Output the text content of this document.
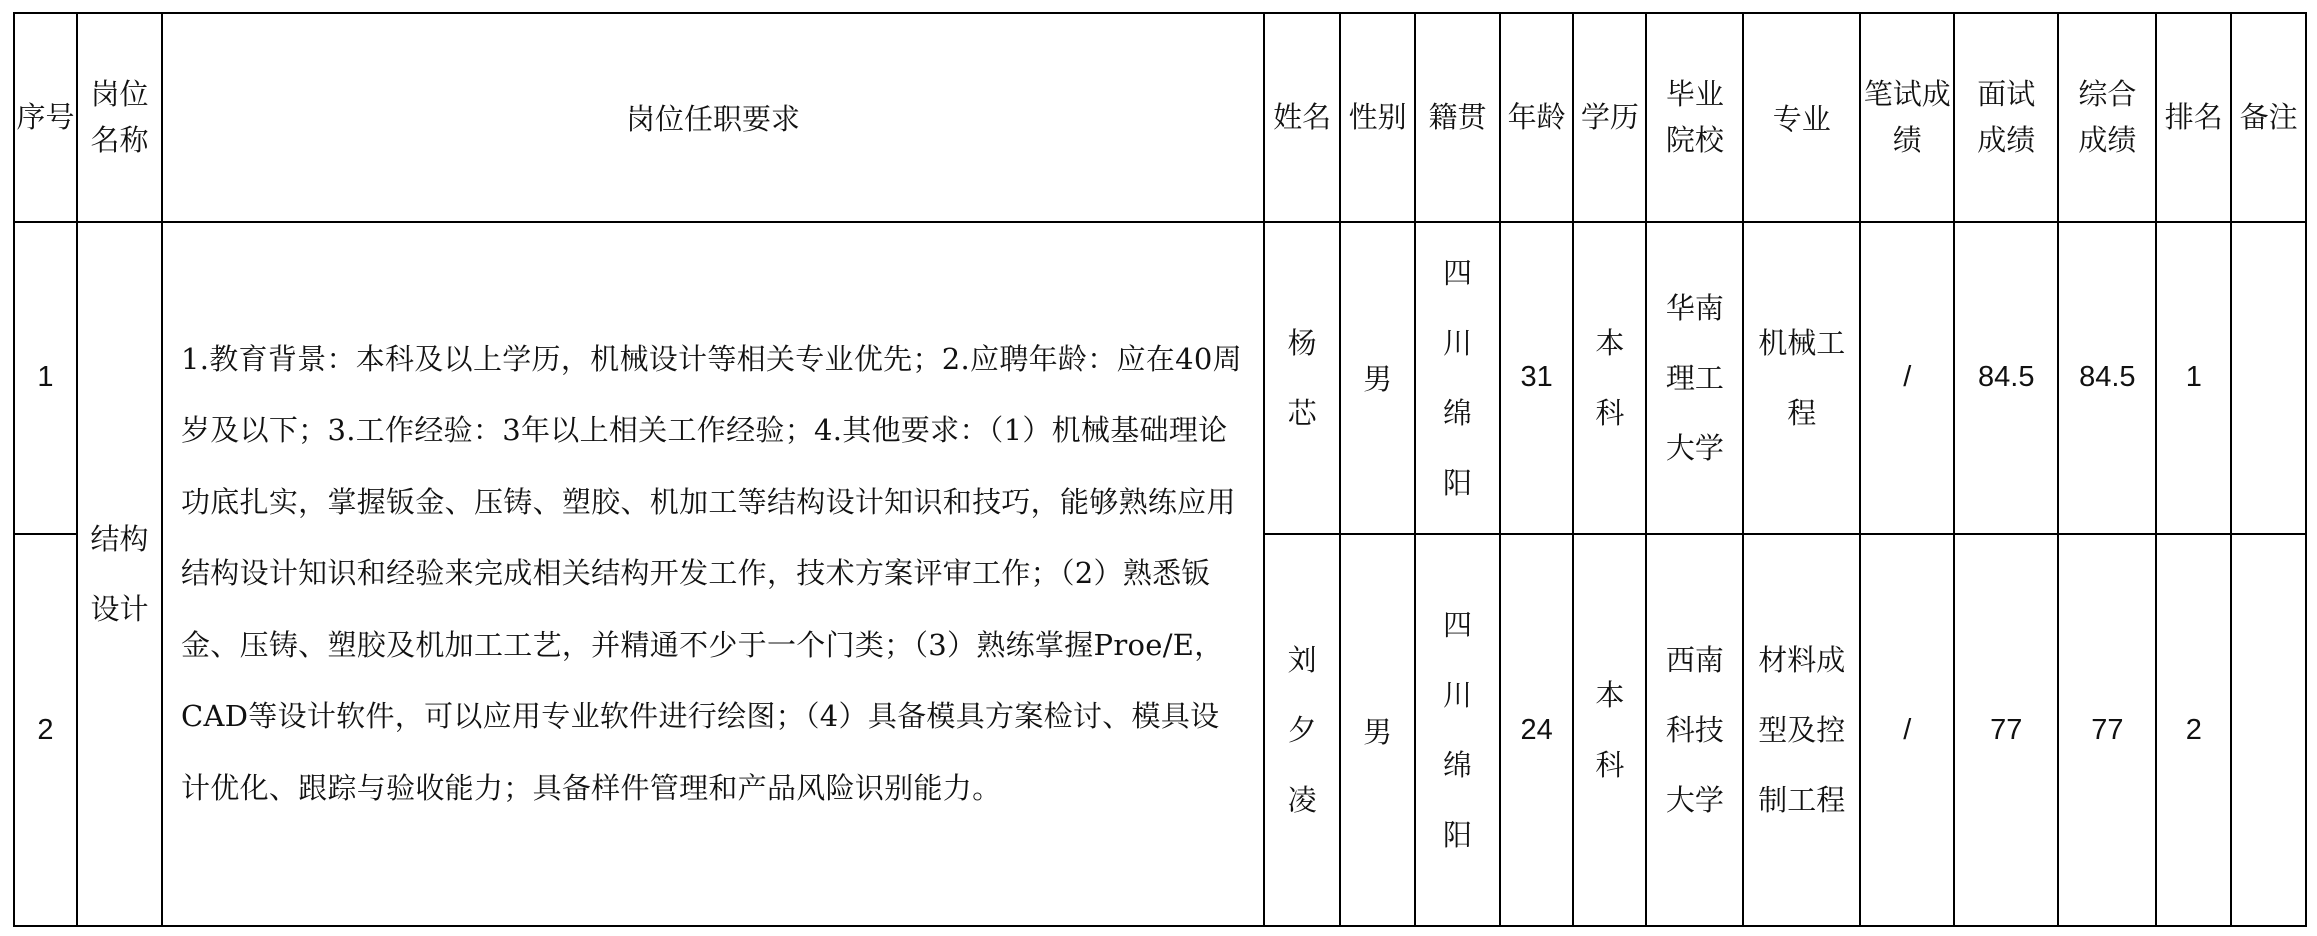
序号	岗位名称	岗位任职要求	姓名	性别	籍贯	年龄	学历	毕业院校	专业	笔试成绩	面试成绩	综合成绩	排名	备注
1	结构设计	1.教育背景：本科及以上学历，机械设计等相关专业优先；2.应聘年龄：应在40周岁及以下；3.工作经验：3年以上相关工作经验；4.其他要求：（1）机械基础理论功底扎实，掌握钣金、压铸、塑胶、机加工等结构设计知识和技巧，能够熟练应用结构设计知识和经验来完成相关结构开发工作，技术方案评审工作；（2）熟悉钣金、压铸、塑胶及机加工工艺，并精通不少于一个门类；（3）熟练掌握Proe/E，CAD等设计软件，可以应用专业软件进行绘图；（4）具备模具方案检讨、模具设计优化、跟踪与验收能力；具备样件管理和产品风险识别能力。	杨芯	男	四川绵阳	31	本科	华南理工大学	机械工程	/	84.5	84.5	1	
2			刘夕凌	男	四川绵阳	24	本科	西南科技大学	材料成型及控制工程	/	77	77	2	
